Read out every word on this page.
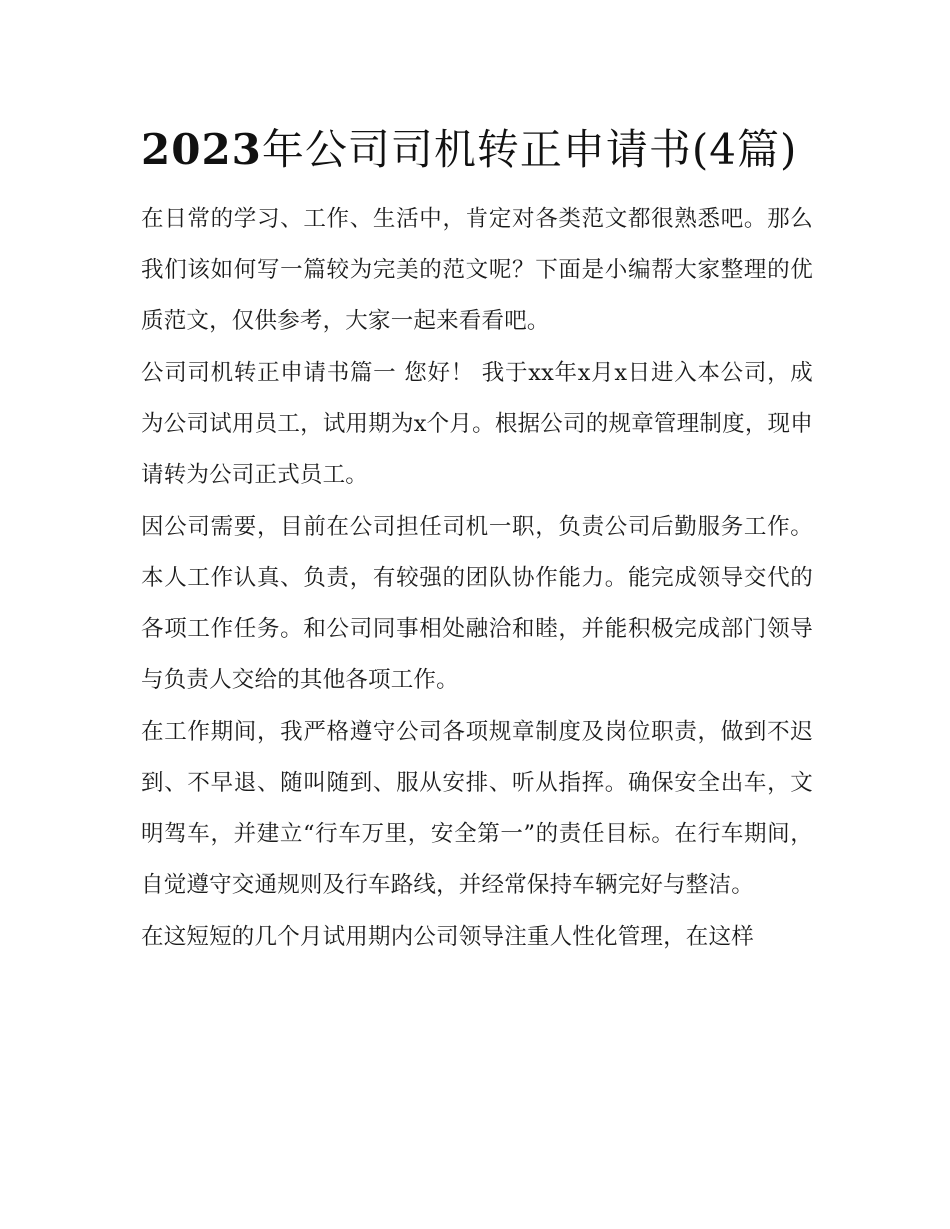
2023年公司司机转正申请书(4篇)

在日常的学习、工作、生活中，肯定对各类范文都很熟悉吧。那么我们该如何写一篇较为完美的范文呢？下面是小编帮大家整理的优质范文，仅供参考，大家一起来看看吧。

公司司机转正申请书篇一 您好！ 我于xx年x月x日进入本公司，成为公司试用员工，试用期为x个月。根据公司的规章管理制度，现申请转为公司正式员工。

因公司需要，目前在公司担任司机一职，负责公司后勤服务工作。本人工作认真、负责，有较强的团队协作能力。能完成领导交代的各项工作任务。和公司同事相处融洽和睦，并能积极完成部门领导与负责人交给的其他各项工作。

在工作期间，我严格遵守公司各项规章制度及岗位职责，做到不迟到、不早退、随叫随到、服从安排、听从指挥。确保安全出车，文明驾车，并建立“行车万里，安全第一”的责任目标。在行车期间，自觉遵守交通规则及行车路线，并经常保持车辆完好与整洁。

在这短短的几个月试用期内公司领导注重人性化管理，在这样
